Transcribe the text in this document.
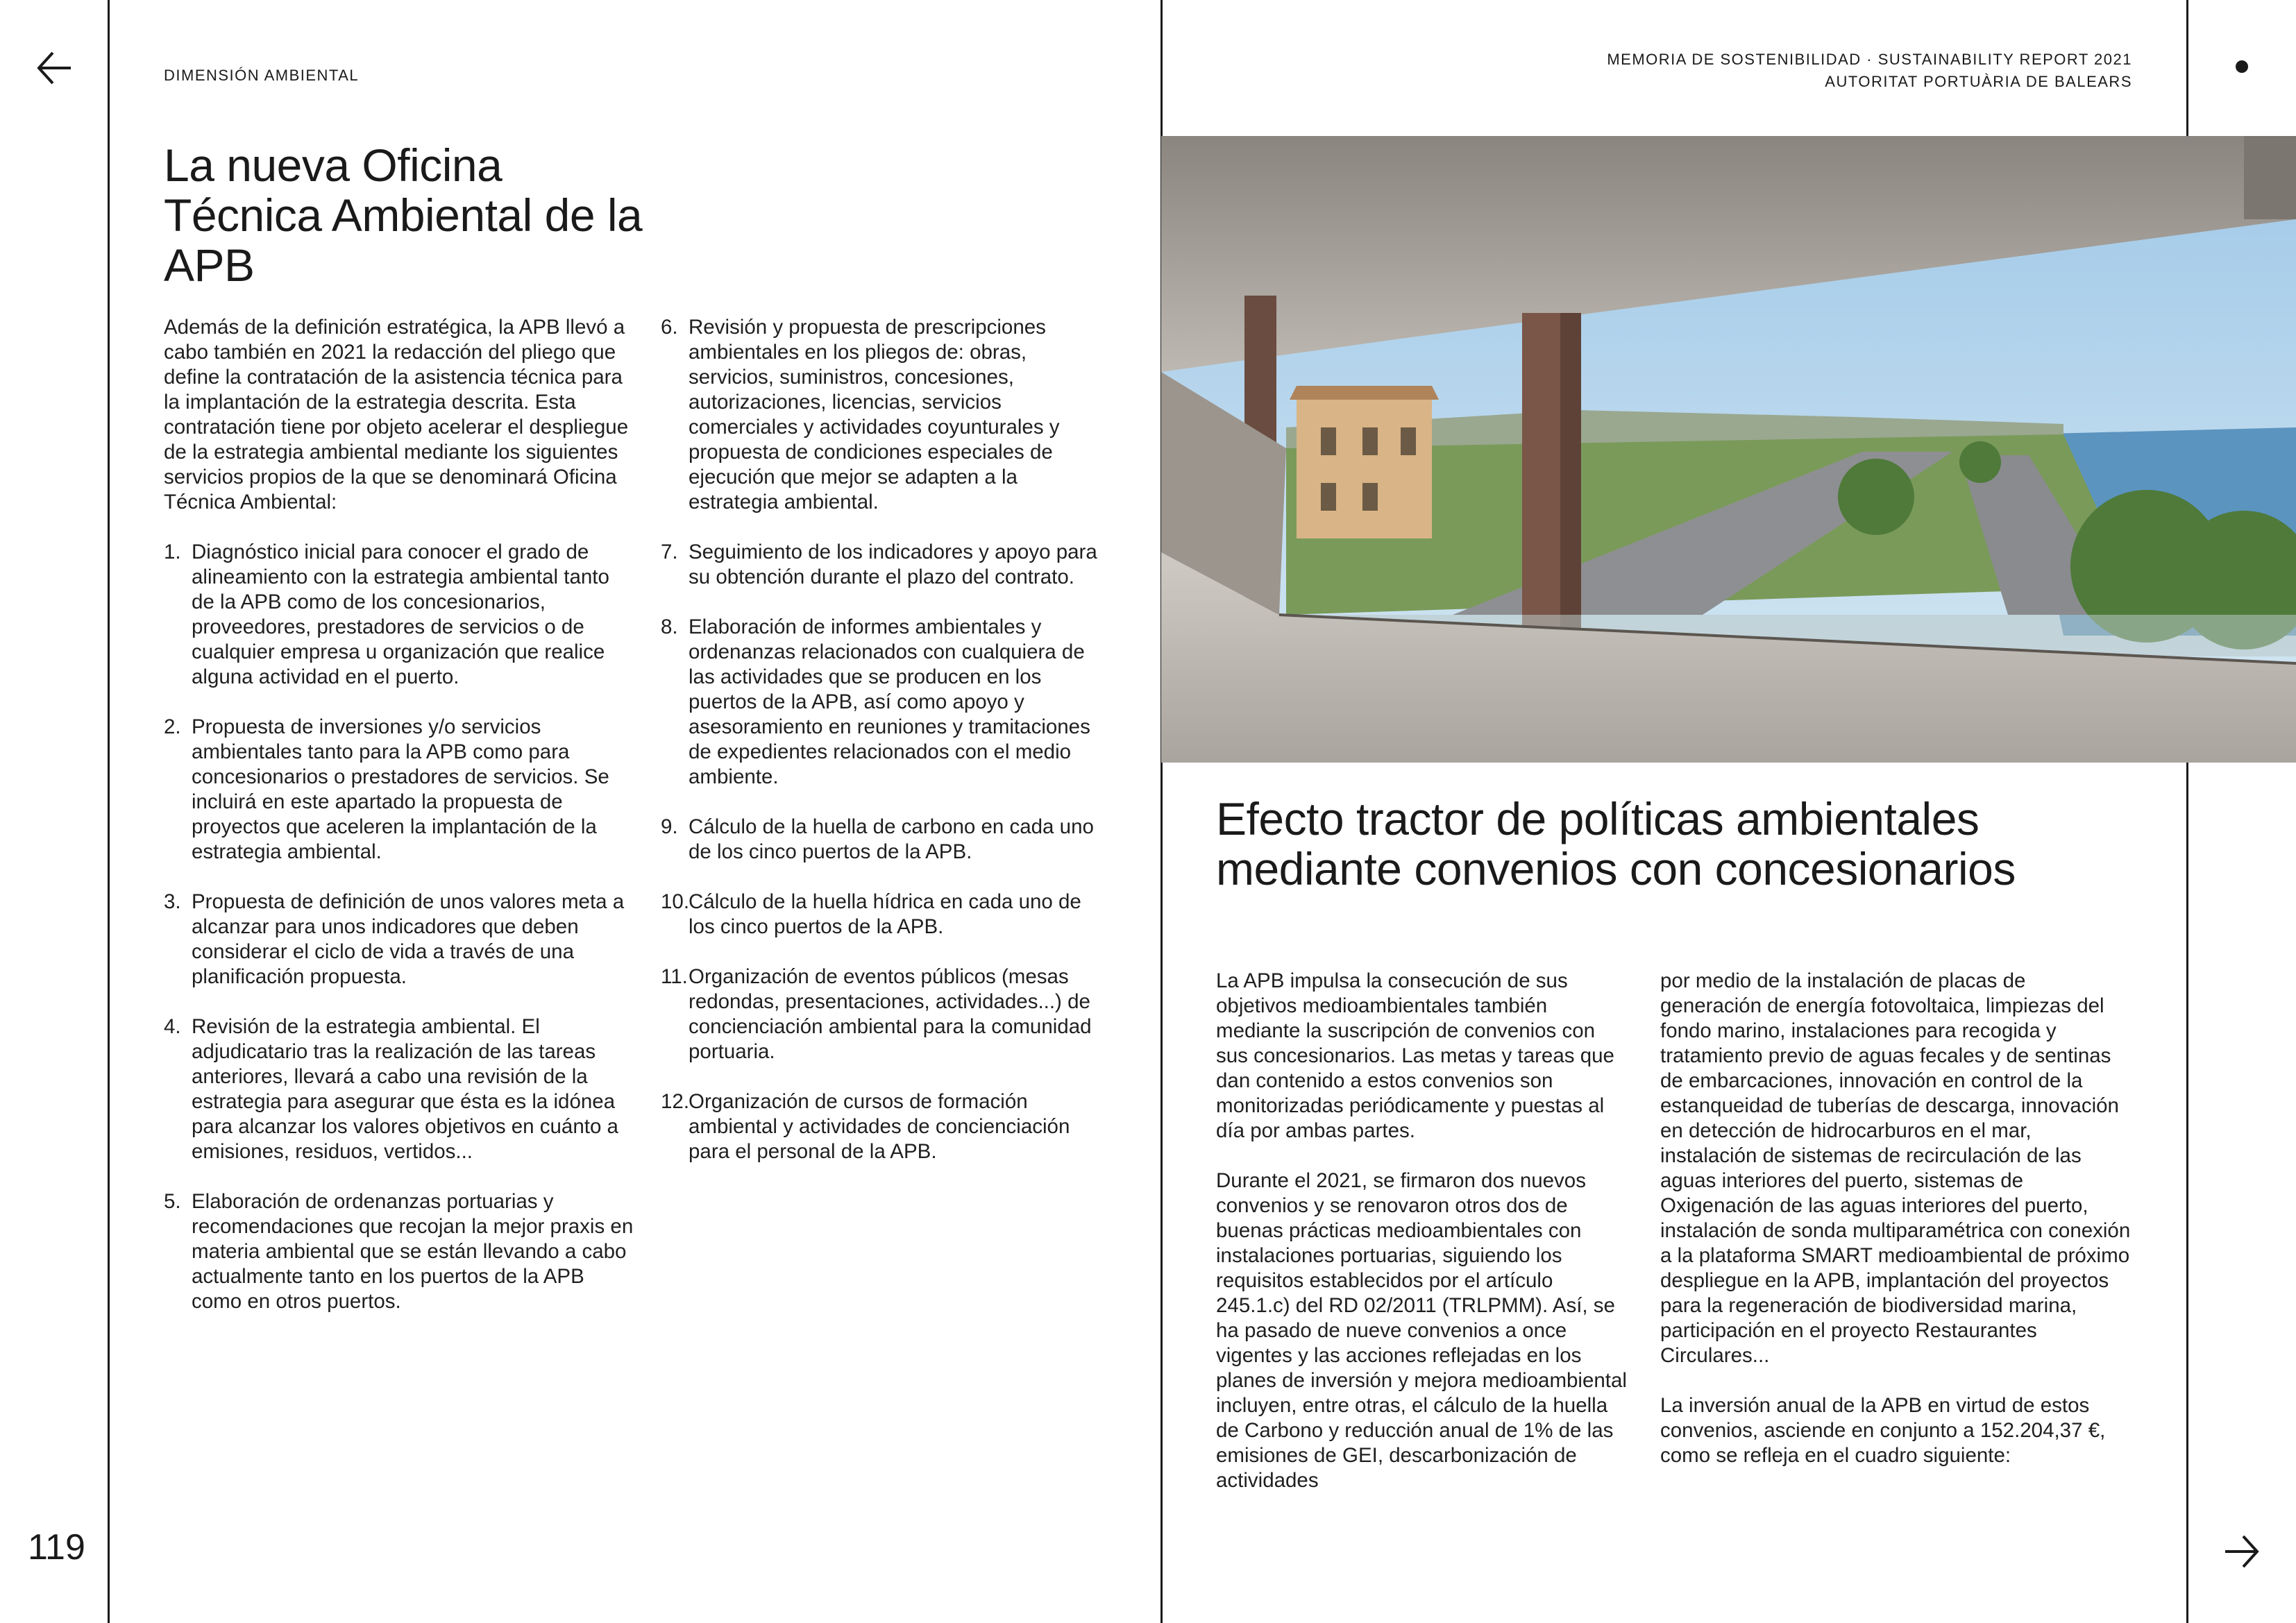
DIMENSIÓN AMBIENTAL
La nueva Oficina Técnica Ambiental de la APB

Además de la definición estratégica, la APB llevó a cabo también en 2021 la redacción del pliego que define la contratación de la asistencia técnica para la implantación de la estrategia descrita. Esta contratación tiene por objeto acelerar el despliegue de la estrategia ambiental mediante los siguientes servicios propios de la que se denominará Oficina Técnica Ambiental:

1. Diagnóstico inicial para conocer el grado de alineamiento con la estrategia ambiental tanto de la APB como de los concesionarios, proveedores, prestadores de servicios o de cualquier empresa u organización que realice alguna actividad en el puerto.
2. Propuesta de inversiones y/o servicios ambientales tanto para la APB como para concesionarios o prestadores de servicios. Se incluirá en este apartado la propuesta de proyectos que aceleren la implantación de la estrategia ambiental.
3. Propuesta de definición de unos valores meta a alcanzar para unos indicadores que deben considerar el ciclo de vida a través de una planificación propuesta.
4. Revisión de la estrategia ambiental. El adjudicatario tras la realización de las tareas anteriores, llevará a cabo una revisión de la estrategia para asegurar que ésta es la idónea para alcanzar los valores objetivos en cuánto a emisiones, residuos, vertidos...
5. Elaboración de ordenanzas portuarias y recomendaciones que recojan la mejor praxis en materia ambiental que se están llevando a cabo actualmente tanto en los puertos de la APB como en otros puertos.
6. Revisión y propuesta de prescripciones ambientales en los pliegos de: obras, servicios, suministros, concesiones, autorizaciones, licencias, servicios comerciales y actividades coyunturales y propuesta de condiciones especiales de ejecución que mejor se adapten a la estrategia ambiental.
7. Seguimiento de los indicadores y apoyo para su obtención durante el plazo del contrato.
8. Elaboración de informes ambientales y ordenanzas relacionados con cualquiera de las actividades que se producen en los puertos de la APB, así como apoyo y asesoramiento en reuniones y tramitaciones de expedientes relacionados con el medio ambiente.
9. Cálculo de la huella de carbono en cada uno de los cinco puertos de la APB.
10.
Cálculo de la huella hídrica en cada uno de los cinco puertos de la APB.
11. Organización de eventos públicos (mesas redondas, presentaciones, actividades...) de concienciación ambiental para la comunidad portuaria.
12.
Organización de cursos de formación ambiental y actividades de concienciación para el personal de la APB.
119
MEMORIA DE SOSTENIBILIDAD · SUSTAINABILITY REPORT 2021
AUTORITAT PORTUÀRIA DE BALEARS
Efecto tractor de políticas ambientales mediante convenios con concesionarios

La APB impulsa la consecución de sus objetivos medioambientales también mediante la suscripción de convenios con sus concesionarios. Las metas y tareas que dan contenido a estos convenios son monitorizadas periódicamente y puestas al día por ambas partes.

Durante el 2021, se firmaron dos nuevos convenios y se renovaron otros dos de buenas prácticas medioambientales con instalaciones portuarias, siguiendo los requisitos establecidos por el artículo 245.1.c) del RD 02/2011 (TRLPMM). Así, se ha pasado de nueve convenios a once vigentes y las acciones reflejadas en los planes de inversión y mejora medioambiental incluyen, entre otras, el cálculo de la huella de Carbono y reducción anual de 1% de las emisiones de GEI, descarbonización de actividades

por medio de la instalación de placas de generación de energía fotovoltaica, limpiezas del fondo marino, instalaciones para recogida y tratamiento previo de aguas fecales y de sentinas de embarcaciones, innovación en control de la estanqueidad de tuberías de descarga, innovación en detección de hidrocarburos en el mar, instalación de sistemas de recirculación de las aguas interiores del puerto, sistemas de Oxigenación de las aguas interiores del puerto, instalación de sonda multiparamétrica con conexión a la plataforma SMART medioambiental de próximo despliegue en la APB, implantación del proyectos para la regeneración de biodiversidad marina, participación en el proyecto Restaurantes Circulares...

La inversión anual de la APB en virtud de estos convenios, asciende en conjunto a 152.204,37 €, como se refleja en el cuadro siguiente:
